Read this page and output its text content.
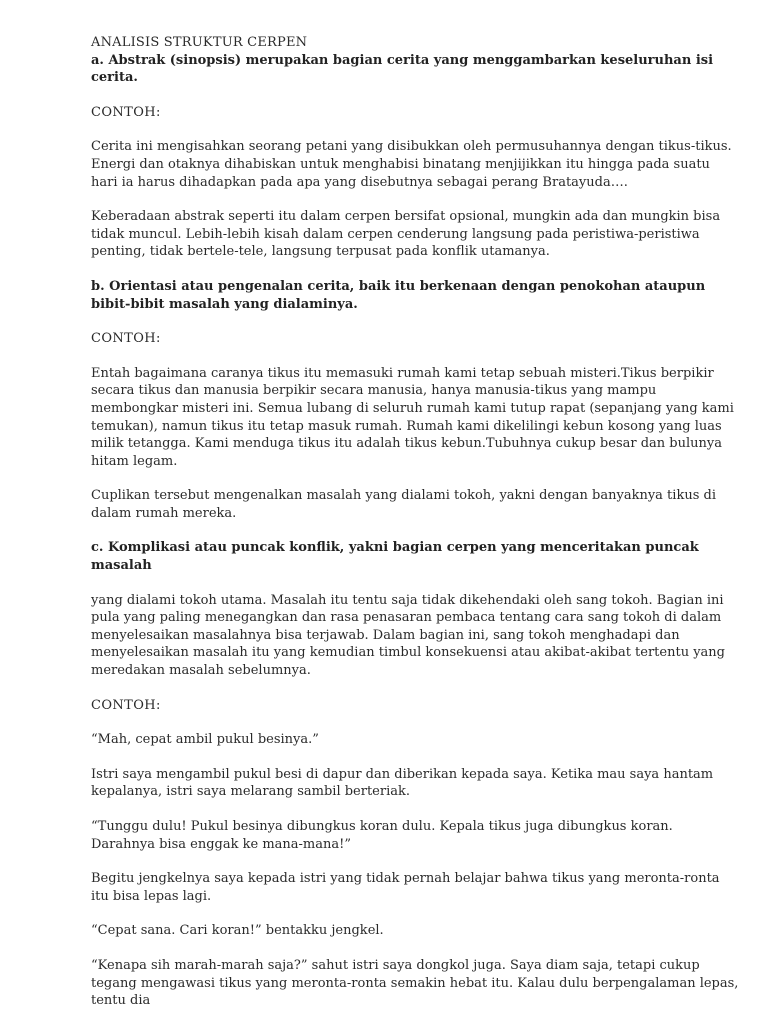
ANALISIS STRUKTUR CERPEN

a. Abstrak (sinopsis) merupakan bagian cerita yang menggambarkan keseluruhan isi cerita.

CONTOH:

Cerita ini mengisahkan seorang petani yang disibukkan oleh permusuhannya dengan tikus-tikus. Energi dan otaknya dihabiskan untuk menghabisi binatang menjijikkan itu hingga pada suatu hari ia harus dihadapkan pada apa yang disebutnya sebagai perang Bratayuda….

Keberadaan abstrak seperti itu dalam cerpen bersifat opsional, mungkin ada dan mungkin bisa tidak muncul. Lebih-lebih kisah dalam cerpen cenderung langsung pada peristiwa-peristiwa penting, tidak bertele-tele, langsung terpusat pada konflik utamanya.

b. Orientasi atau pengenalan cerita, baik itu berkenaan dengan penokohan ataupun bibit-bibit masalah yang dialaminya.

CONTOH:

Entah bagaimana caranya tikus itu memasuki rumah kami tetap sebuah misteri.Tikus berpikir secara tikus dan manusia berpikir secara manusia, hanya manusia-tikus yang mampu membongkar misteri ini. Semua lubang di seluruh rumah kami tutup rapat (sepanjang yang kami temukan), namun tikus itu tetap masuk rumah. Rumah kami dikelilingi kebun kosong yang luas milik tetangga. Kami menduga tikus itu adalah tikus kebun.Tubuhnya cukup besar dan bulunya hitam legam.

Cuplikan tersebut mengenalkan masalah yang dialami tokoh, yakni dengan banyaknya tikus di dalam rumah mereka.

c. Komplikasi atau puncak konflik, yakni bagian cerpen yang menceritakan puncak masalah

yang dialami tokoh utama. Masalah itu tentu saja tidak dikehendaki oleh sang tokoh. Bagian ini pula yang paling menegangkan dan rasa penasaran pembaca tentang cara sang tokoh di dalam menyelesaikan masalahnya bisa terjawab. Dalam bagian ini, sang tokoh menghadapi dan menyelesaikan masalah itu yang kemudian timbul konsekuensi atau akibat-akibat tertentu yang meredakan masalah sebelumnya.

CONTOH:

“Mah, cepat ambil pukul besinya.”

Istri saya mengambil pukul besi di dapur dan diberikan kepada saya. Ketika mau saya hantam kepalanya, istri saya melarang sambil berteriak.

“Tunggu dulu! Pukul besinya dibungkus koran dulu. Kepala tikus juga dibungkus koran. Darahnya bisa enggak ke mana-mana!”

Begitu jengkelnya saya kepada istri yang tidak pernah belajar bahwa tikus yang meronta-ronta itu bisa lepas lagi.

“Cepat sana. Cari koran!” bentakku jengkel.

“Kenapa sih marah-marah saja?” sahut istri saya dongkol juga. Saya diam saja, tetapi cukup tegang mengawasi tikus yang meronta-ronta semakin hebat itu. Kalau dulu berpengalaman lepas, tentu dia
